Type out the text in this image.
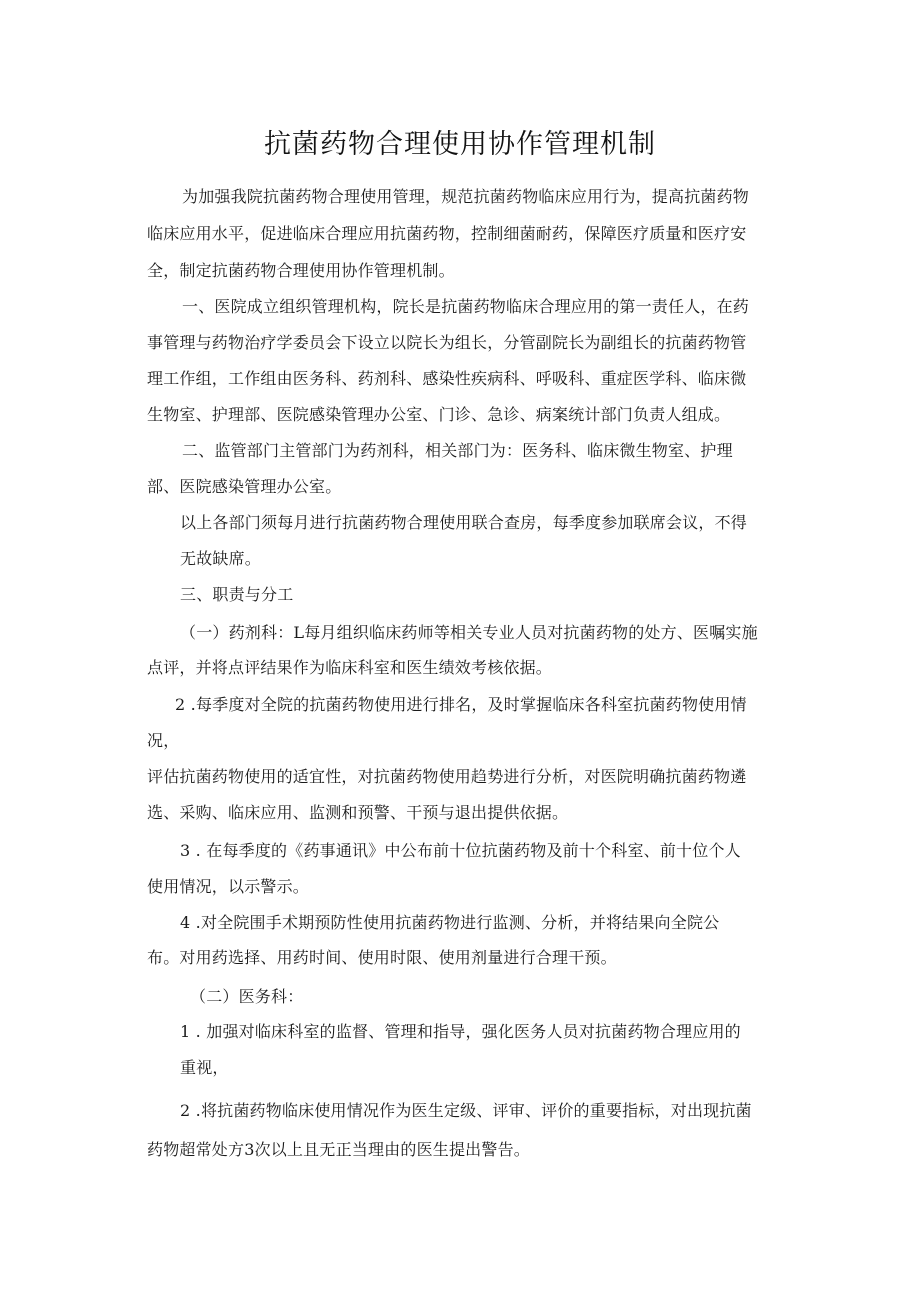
抗菌药物合理使用协作管理机制
为加强我院抗菌药物合理使用管理，规范抗菌药物临床应用行为，提高抗菌药物
临床应用水平，促进临床合理应用抗菌药物，控制细菌耐药，保障医疗质量和医疗安
全，制定抗菌药物合理使用协作管理机制。
一、医院成立组织管理机构，院长是抗菌药物临床合理应用的第一责任人，在药
事管理与药物治疗学委员会下设立以院长为组长，分管副院长为副组长的抗菌药物管
理工作组，工作组由医务科、药剂科、感染性疾病科、呼吸科、重症医学科、临床微
生物室、护理部、医院感染管理办公室、门诊、急诊、病案统计部门负责人组成。
二、监管部门主管部门为药剂科，相关部门为：医务科、临床微生物室、护理
部、医院感染管理办公室。
以上各部门须每月进行抗菌药物合理使用联合查房，每季度参加联席会议，不得
无故缺席。
三、职责与分工
（一）药剂科：L每月组织临床药师等相关专业人员对抗菌药物的处方、医嘱实施
点评，并将点评结果作为临床科室和医生绩效考核依据。
2 .每季度对全院的抗菌药物使用进行排名，及时掌握临床各科室抗菌药物使用情
况，
评估抗菌药物使用的适宜性，对抗菌药物使用趋势进行分析，对医院明确抗菌药物遴
选、采购、临床应用、监测和预警、干预与退出提供依据。
3 . 在每季度的《药事通讯》中公布前十位抗菌药物及前十个科室、前十位个人
使用情况，以示警示。
4 .对全院围手术期预防性使用抗菌药物进行监测、分析，并将结果向全院公
布。对用药选择、用药时间、使用时限、使用剂量进行合理干预。
（二）医务科：
1 . 加强对临床科室的监督、管理和指导，强化医务人员对抗菌药物合理应用的
重视，
2 .将抗菌药物临床使用情况作为医生定级、评审、评价的重要指标，对出现抗菌
药物超常处方3次以上且无正当理由的医生提出警告。
